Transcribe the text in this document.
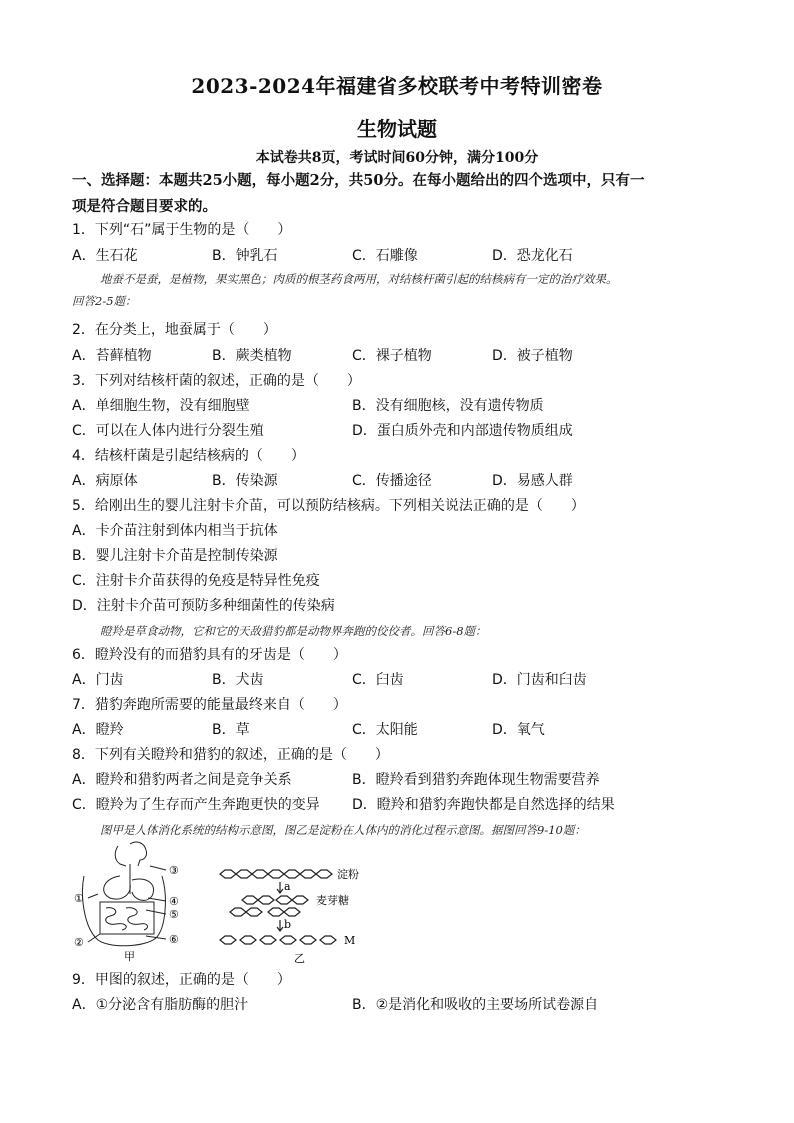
2023-2024年福建省多校联考中考特训密卷
生物试题
本试卷共8页，考试时间60分钟，满分100分
一、选择题：本题共25小题，每小题2分，共50分。在每小题给出的四个选项中，只有一
项是符合题目要求的。
1．下列“石”属于生物的是（　　）
A．生石花	B．钟乳石	C．石雕像	D．恐龙化石
地蚕不是蚕，是植物，果实黑色；肉质的根茎药食两用，对结核杆菌引起的结核病有一定的治疗效果。
回答2-5题：
2．在分类上，地蚕属于（　　）
A．苔藓植物	B．蕨类植物	C．裸子植物	D．被子植物
3．下列对结核杆菌的叙述，正确的是（　　）
A．单细胞生物，没有细胞壁	B．没有细胞核，没有遗传物质
C．可以在人体内进行分裂生殖	D．蛋白质外壳和内部遗传物质组成
4．结核杆菌是引起结核病的（　　）
A．病原体	B．传染源	C．传播途径	D．易感人群
5．给刚出生的婴儿注射卡介苗，可以预防结核病。下列相关说法正确的是（　　）
A．卡介苗注射到体内相当于抗体
B．婴儿注射卡介苗是控制传染源
C．注射卡介苗获得的免疫是特异性免疫
D．注射卡介苗可预防多种细菌性的传染病
瞪羚是草食动物，它和它的天敌猎豹都是动物界奔跑的佼佼者。回答6-8题：
6．瞪羚没有的而猎豹具有的牙齿是（　　）
A．门齿	B．犬齿	C．臼齿	D．门齿和臼齿
7．猎豹奔跑所需要的能量最终来自（　　）
A．瞪羚	B．草	C．太阳能	D．氧气
8．下列有关瞪羚和猎豹的叙述，正确的是（　　）
A．瞪羚和猎豹两者之间是竞争关系	B．瞪羚看到猎豹奔跑体现生物需要营养
C．瞪羚为了生存而产生奔跑更快的变异 D．瞪羚和猎豹奔跑快都是自然选择的结果
图甲是人体消化系统的结构示意图，图乙是淀粉在人体内的消化过程示意图。据图回答9-10题：
③
④
⑤
⑥
①
②
甲
淀粉
麦芽糖
M
a
b
乙
9．甲图的叙述，正确的是（　　）
A．①分泌含有脂肪酶的胆汁	B．②是消化和吸收的主要场所试卷源自
